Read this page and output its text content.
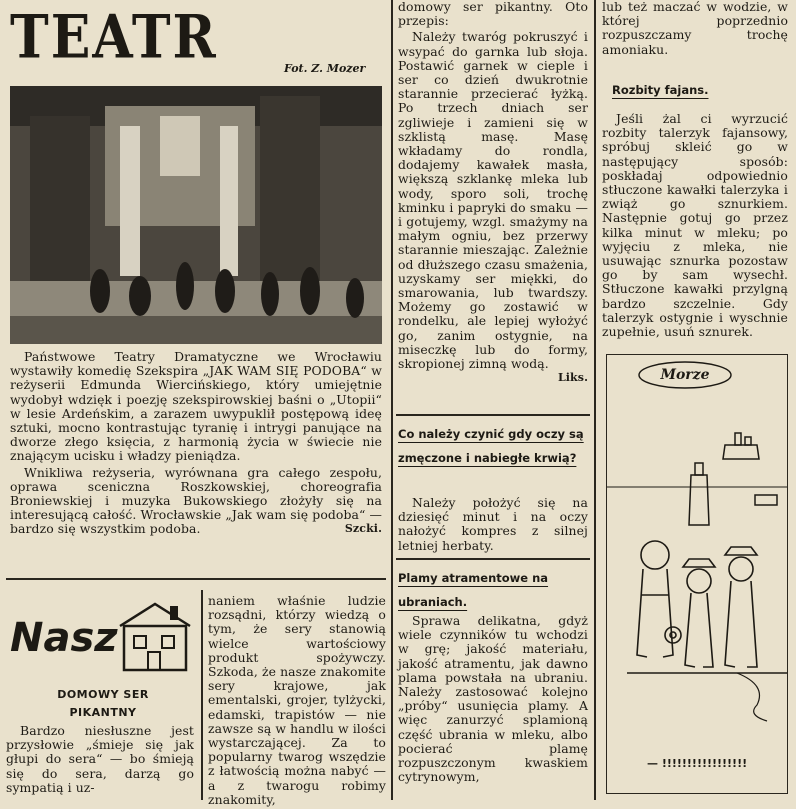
TEATR	Fot. Z. Mozer

Państwowe Teatry Dramatyczne we Wrocławiu wystawiły komedię Szekspira „JAK WAM SIĘ PODOBA“ w reżyserii Edmunda Wiercińskiego, który umiejętnie wydobył wdzięk i poezję szekspirowskiej baśni o „Utopii“ w lesie Ardeńskim, a zarazem uwypuklił postępową ideę sztuki, mocno kontrastując tyranię i intrygi panujące na dworze złego księcia, z harmonią życia w świecie nie znającym ucisku i władzy pieniądza.

Wnikliwa reżyseria, wyrównana gra całego zespołu, oprawa sceniczna Roszkowskiej, choreografia Broniewskiej i muzyka Bukowskiego złożyły się na interesującą całość. Wrocławskie „Jak wam się podoba“ — bardzo się wszystkim podoba.	Szcki.

Nasz
DOMOWY SER
PIKANTNY

Bardzo niesłuszne jest przysłowie „śmieje się jak głupi do sera“ — bo śmieją się do sera, darzą go sympatią i uz-

naniem właśnie ludzie rozsądni, którzy wiedzą o tym, że sery stanowią wielce wartościowy produkt spożywczy. Szkoda, że nasze znakomite sery krajowe, jak ementalski, grojer, tylżycki, edamski, trapistów — nie zawsze są w handlu w ilości wystarczającej. Za to popularny twarog wszędzie z łatwością można nabyć — a z twarogu robimy znakomity,

domowy ser pikantny. Oto przepis:

Należy twaróg pokruszyć i wsypać do garnka lub słoja. Postawić garnek w cieple i ser co dzień dwukrotnie starannie przecierać łyżką. Po trzech dniach ser zgliwieje i zamieni się w szklistą masę. Masę wkładamy do rondla, dodajemy kawałek masła, większą szklankę mleka lub wody, sporo soli, trochę kminku i papryki do smaku — i gotujemy, wzgl. smażymy na małym ogniu, bez przerwy starannie mieszając. Zależnie od dłuższego czasu smażenia, uzyskamy ser miękki, do smarowania, lub twardszy. Możemy go zostawić w rondelku, ale lepiej wyłożyć go, zanim ostygnie, na miseczkę lub do formy, skropionej zimną wodą.
Liks.

Co należy czynić gdy oczy są zmęczone i nabiegłe krwią?

Należy położyć się na dziesięć minut i na oczy nałożyć kompres z silnej letniej herbaty.

Plamy atramentowe na ubraniach.

Sprawa delikatna, gdyż wiele czynników tu wchodzi w grę; jakość materiału, jakość atramentu, jak dawno plama powstała na ubraniu. Należy zastosować kolejno „próby“ usunięcia plamy. A więc zanurzyć splamioną część ubrania w mleku, albo pocierać plamę rozpuszczonym kwaskiem cytrynowym,

lub też maczać w wodzie, w której poprzednio rozpuszczamy trochę amoniaku.

Rozbity fajans.

Jeśli żal ci wyrzucić rozbity talerzyk fajansowy, spróbuj skleić go w następujący sposób: poskładaj odpowiednio stłuczone kawałki talerzyka i zwiąż go sznurkiem. Następnie gotuj go przez kilka minut w mleku; po wyjęciu z mleka, nie usuwając sznurka pozostaw go by sam wysechł. Stłuczone kawałki przylgną bardzo szczelnie. Gdy talerzyk ostygnie i wyschnie zupełnie, usuń sznurek.

Morze
— !!!!!!!!!!!!!!!!!
